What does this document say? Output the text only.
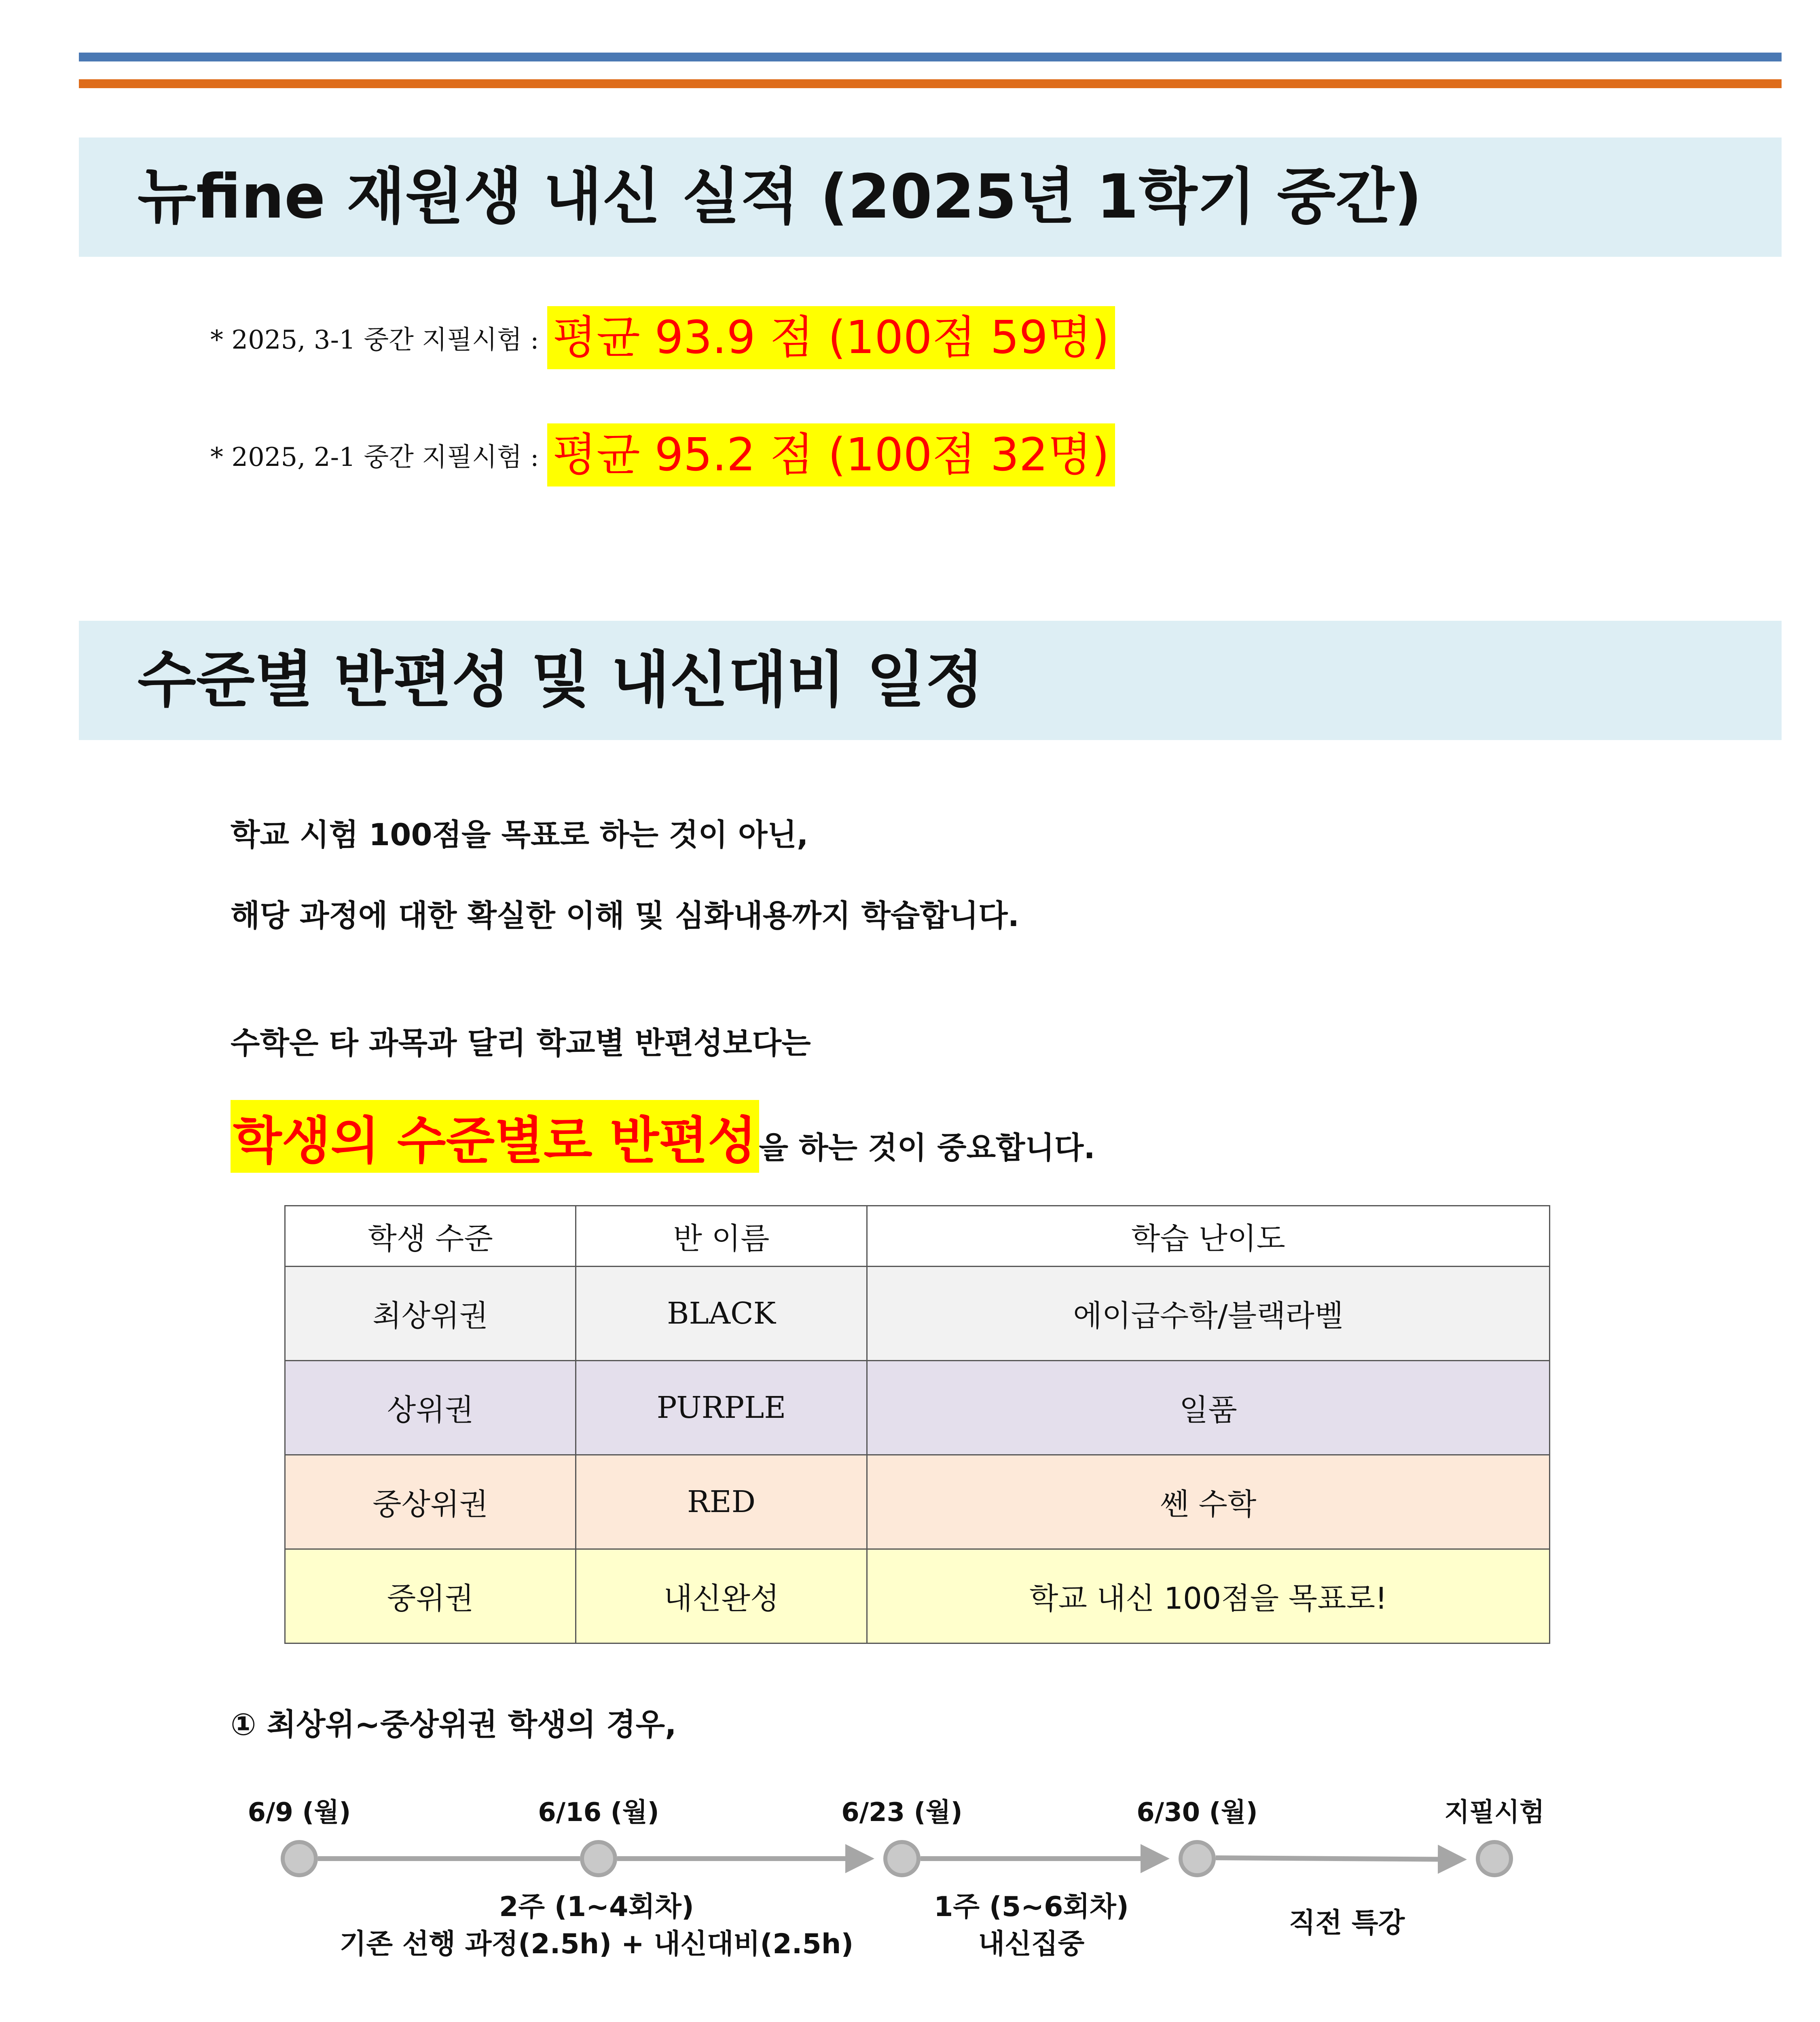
뉴fine 재원생 내신 실적 (2025년 1학기 중간)
* 2025, 3-1 중간 지필시험 : 평균 93.9 점 (100점 59명)
* 2025, 2-1 중간 지필시험 : 평균 95.2 점 (100점 32명)
수준별 반편성 및 내신대비 일정
학교 시험 100점을 목표로 하는 것이 아닌,
해당 과정에 대한 확실한 이해 및 심화내용까지 학습합니다.
수학은 타 과목과 달리 학교별 반편성보다는
학생의 수준별로 반편성 을 하는 것이 중요합니다.
학생 수준	반 이름	학습 난이도
최상위권	BLACK	에이급수학/블랙라벨
상위권	PURPLE	일품
중상위권	RED	쎈 수학
중위권	내신완성	학교 내신 100점을 목표로!
① 최상위~중상위권 학생의 경우,
6/9 (월)	6/16 (월)	6/23 (월)	6/30 (월)	지필시험
2주 (1~4회차)
기존 선행 과정(2.5h) + 내신대비(2.5h)
1주 (5~6회차)
내신집중
직전 특강
